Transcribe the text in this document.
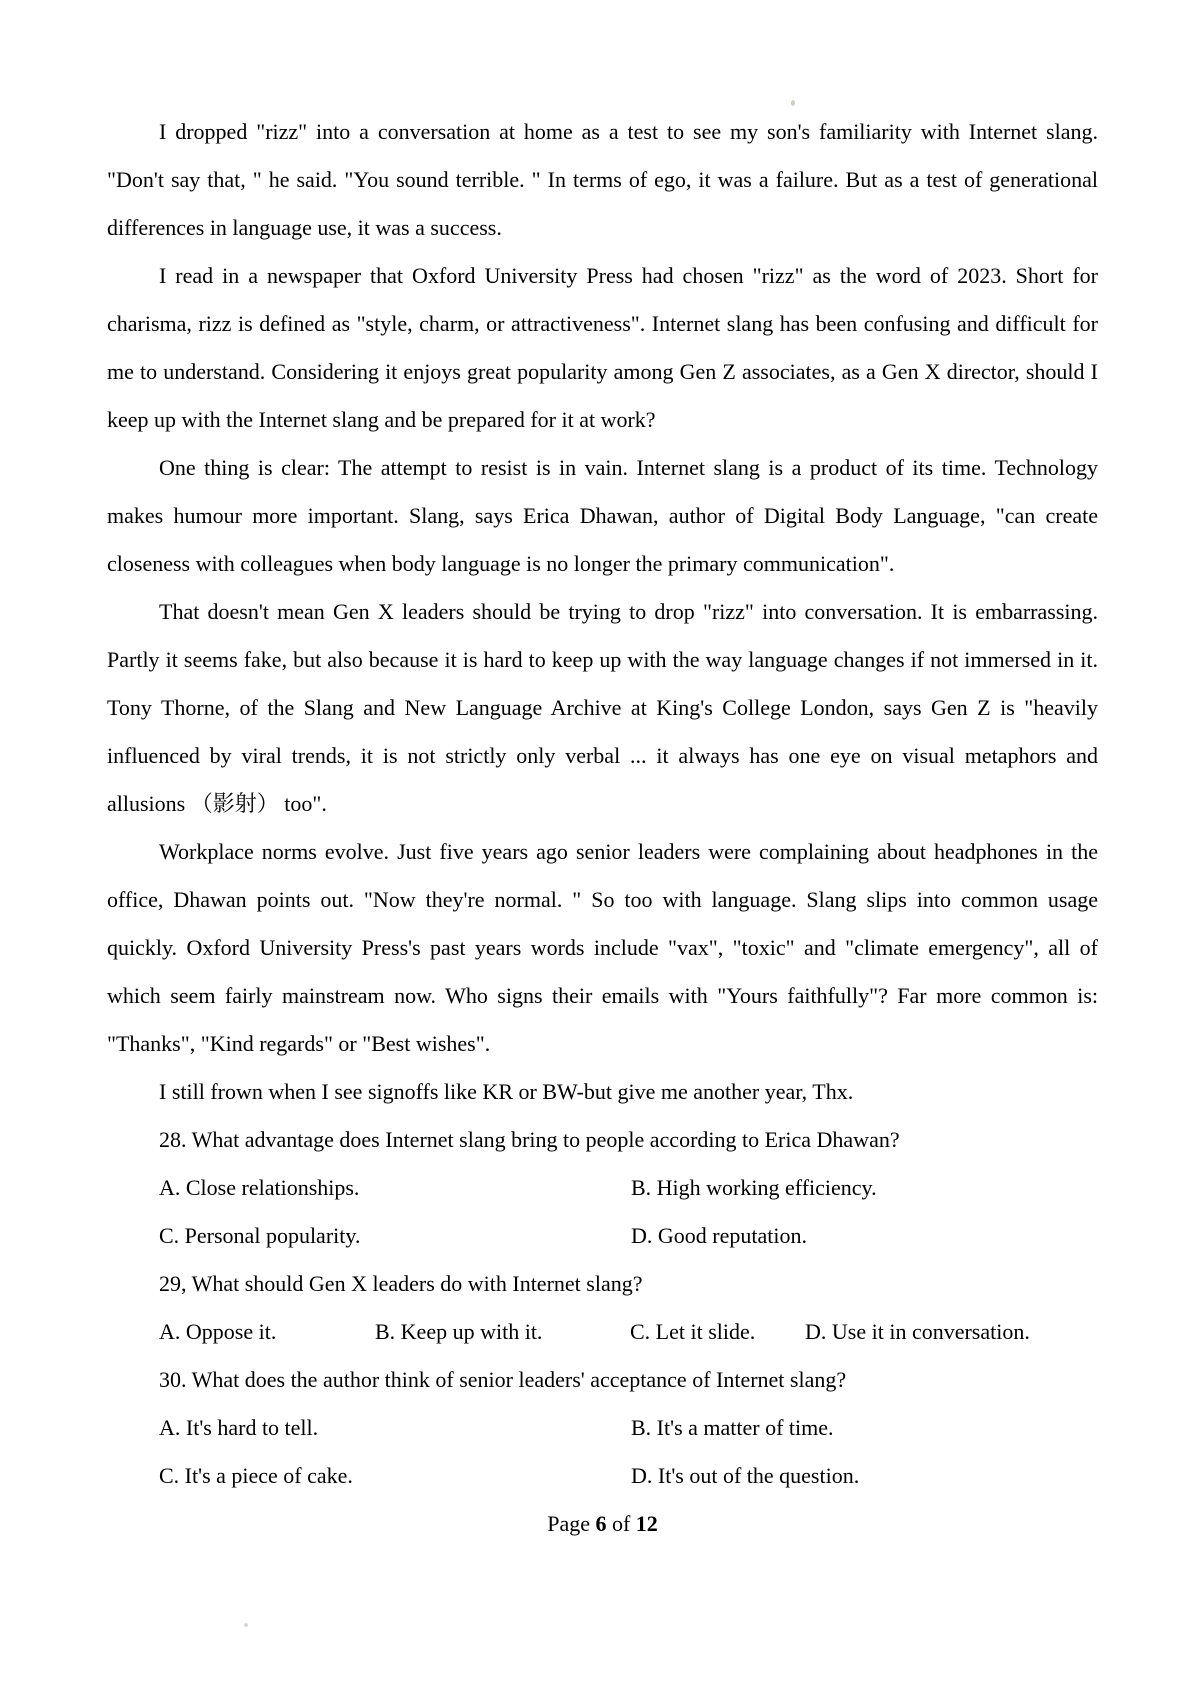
I dropped "rizz" into a conversation at home as a test to see my son's familiarity with Internet slang. "Don't say that, " he said. "You sound terrible. " In terms of ego, it was a failure. But as a test of generational differences in language use, it was a success.

I read in a newspaper that Oxford University Press had chosen "rizz" as the word of 2023. Short for charisma, rizz is defined as "style, charm, or attractiveness". Internet slang has been confusing and difficult for me to understand. Considering it enjoys great popularity among Gen Z associates, as a Gen X director, should I keep up with the Internet slang and be prepared for it at work?

One thing is clear: The attempt to resist is in vain. Internet slang is a product of its time. Technology makes humour more important. Slang, says Erica Dhawan, author of Digital Body Language, "can create closeness with colleagues when body language is no longer the primary communication".

That doesn't mean Gen X leaders should be trying to drop "rizz" into conversation. It is embarrassing. Partly it seems fake, but also because it is hard to keep up with the way language changes if not immersed in it. Tony Thorne, of the Slang and New Language Archive at King's College London, says Gen Z is "heavily influenced by viral trends, it is not strictly only verbal ... it always has one eye on visual metaphors and allusions （影射） too".

Workplace norms evolve. Just five years ago senior leaders were complaining about headphones in the office, Dhawan points out. "Now they're normal. " So too with language. Slang slips into common usage quickly. Oxford University Press's past years words include "vax", "toxic" and "climate emergency", all of which seem fairly mainstream now. Who signs their emails with "Yours faithfully"? Far more common is: "Thanks", "Kind regards" or "Best wishes".

I still frown when I see signoffs like KR or BW-but give me another year, Thx.

28. What advantage does Internet slang bring to people according to Erica Dhawan?
A. Close relationships.	B. High working efficiency.
C. Personal popularity.	D. Good reputation.
29, What should Gen X leaders do with Internet slang?
A. Oppose it.	B. Keep up with it.	C. Let it slide.	D. Use it in conversation.
30. What does the author think of senior leaders' acceptance of Internet slang?
A. It's hard to tell.	B. It's a matter of time.
C. It's a piece of cake.	D. It's out of the question.
Page 6 of 12
